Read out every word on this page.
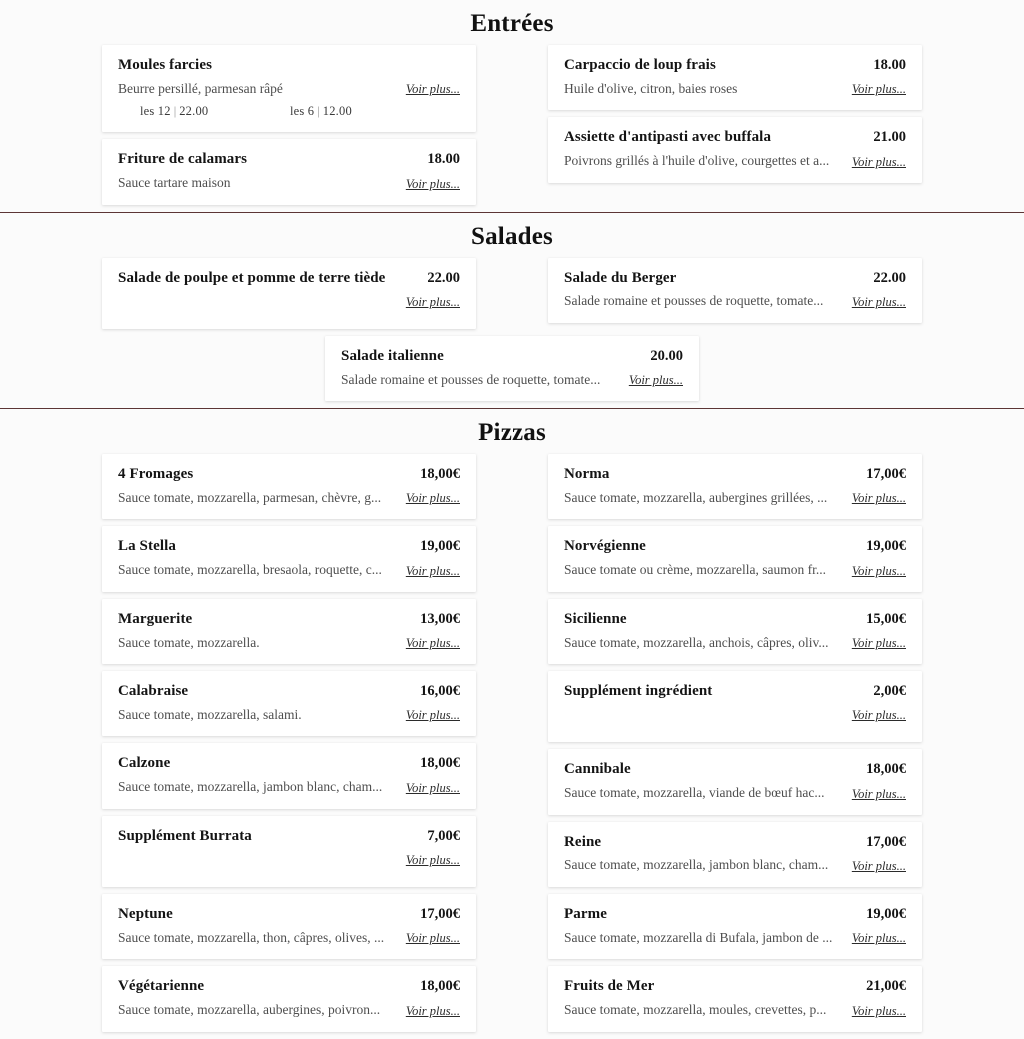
Entrées
Moules farcies
Beurre persillé, parmesan râpé	Voir plus...
les 12 | 22.00	les 6 | 12.00
Friture de calamars	18.00
Sauce tartare maison	Voir plus...
Carpaccio de loup frais	18.00
Huile d'olive, citron, baies roses	Voir plus...
Assiette d'antipasti avec buffala	21.00
Poivrons grillés à l'huile d'olive, courgettes et a...	Voir plus...
Salades
Salade de poulpe et pomme de terre tiède	22.00
Voir plus...
Salade du Berger	22.00
Salade romaine et pousses de roquette, tomate...	Voir plus...
Salade italienne	20.00
Salade romaine et pousses de roquette, tomate...	Voir plus...
Pizzas
4 Fromages	18,00€
Sauce tomate, mozzarella, parmesan, chèvre, g...	Voir plus...
La Stella	19,00€
Sauce tomate, mozzarella, bresaola, roquette, c...	Voir plus...
Marguerite	13,00€
Sauce tomate, mozzarella.	Voir plus...
Calabraise	16,00€
Sauce tomate, mozzarella, salami.	Voir plus...
Calzone	18,00€
Sauce tomate, mozzarella, jambon blanc, cham...	Voir plus...
Supplément Burrata	7,00€
Voir plus...
Neptune	17,00€
Sauce tomate, mozzarella, thon, câpres, olives, ...	Voir plus...
Végétarienne	18,00€
Sauce tomate, mozzarella, aubergines, poivron...	Voir plus...
Norma	17,00€
Sauce tomate, mozzarella, aubergines grillées, ...	Voir plus...
Norvégienne	19,00€
Sauce tomate ou crème, mozzarella, saumon fr...	Voir plus...
Sicilienne	15,00€
Sauce tomate, mozzarella, anchois, câpres, oliv...	Voir plus...
Supplément ingrédient	2,00€
Voir plus...
Cannibale	18,00€
Sauce tomate, mozzarella, viande de bœuf hac...	Voir plus...
Reine	17,00€
Sauce tomate, mozzarella, jambon blanc, cham...	Voir plus...
Parme	19,00€
Sauce tomate, mozzarella di Bufala, jambon de ...	Voir plus...
Fruits de Mer	21,00€
Sauce tomate, mozzarella, moules, crevettes, p...	Voir plus...
